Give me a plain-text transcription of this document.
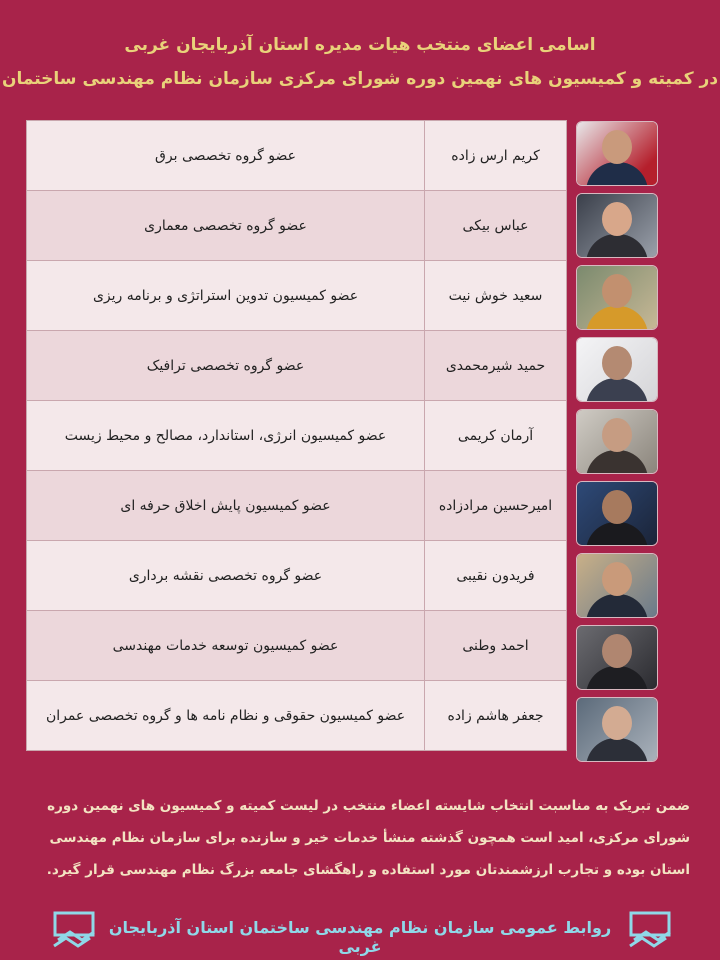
اسامی اعضای منتخب هیات مدیره استان آذربایجان غربی
در کمیته و کمیسیون های نهمین دوره شورای مرکزی سازمان نظام مهندسی ساختمان
کریم ارس زاده
عضو گروه تخصصی برق
عباس بیکی
عضو گروه تخصصی معماری
سعید خوش نیت
عضو کمیسیون تدوین استراتژی و برنامه ریزی
حمید شیرمحمدی
عضو گروه تخصصی ترافیک
آرمان کریمی
عضو کمیسیون انرژی، استاندارد، مصالح و محیط زیست
امیرحسین مرادزاده
عضو کمیسیون پایش اخلاق حرفه ای
فریدون نقیبی
عضو گروه تخصصی نقشه برداری
احمد وطنی
عضو کمیسیون توسعه خدمات مهندسی
جعفر هاشم زاده
عضو کمیسیون حقوقی و نظام نامه ها و گروه تخصصی عمران
ضمن تبریک به مناسبت انتخاب شایسته اعضاء منتخب در لیست کمیته و کمیسیون های نهمین دوره شورای مرکزی، امید است همچون گذشته منشأ خدمات خیر و سازنده برای سازمان نظام مهندسی استان بوده و تجارب ارزشمندتان مورد استفاده و راهگشای جامعه بزرگ نظام مهندسی قرار گیرد.
روابط عمومی سازمان نظام مهندسی ساختمان استان آذربایجان غربی
